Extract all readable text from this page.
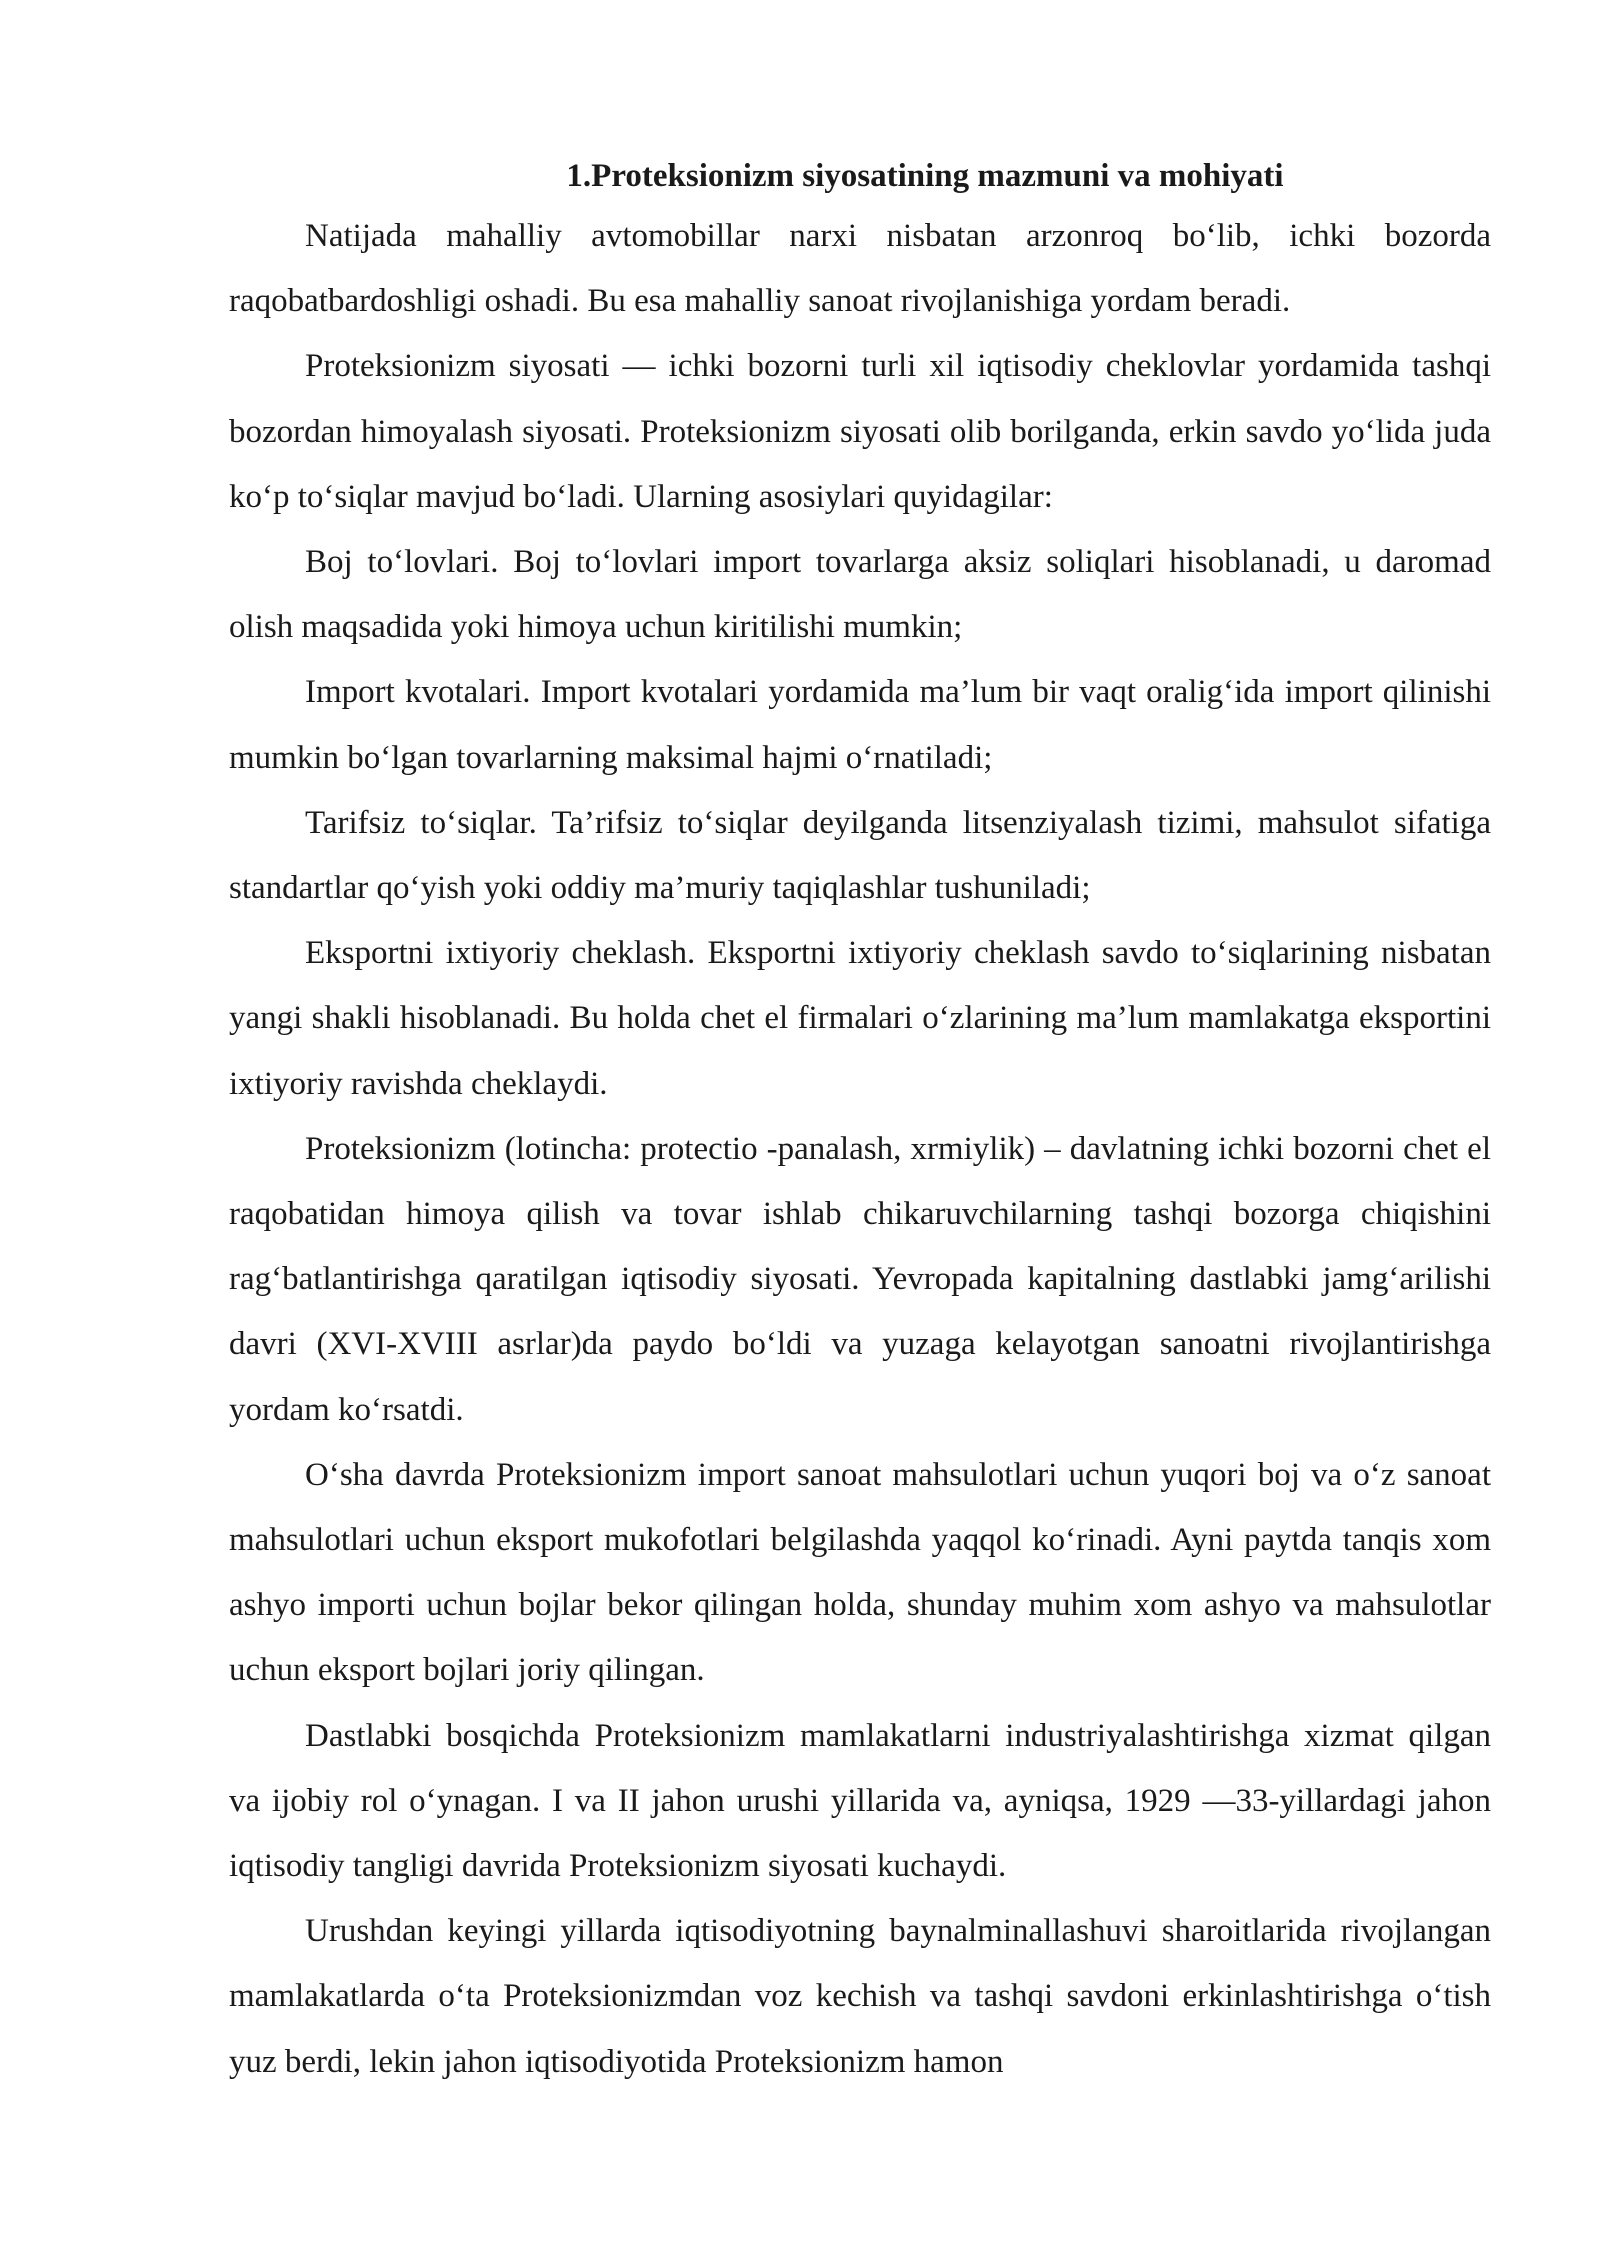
1.Proteksionizm siyosatining mazmuni va mohiyati

Natijada mahalliy avtomobillar narxi nisbatan arzonroq bo‘lib, ichki bozorda raqobatbardoshligi oshadi. Bu esa mahalliy sanoat rivojlanishiga yordam beradi.

Proteksionizm siyosati — ichki bozorni turli xil iqtisodiy cheklovlar yordamida tashqi bozordan himoyalash siyosati. Proteksionizm siyosati olib borilganda, erkin savdo yo‘lida juda ko‘p to‘siqlar mavjud bo‘ladi. Ularning asosiylari quyidagilar:

Boj to‘lovlari. Boj to‘lovlari import tovarlarga aksiz soliqlari hisoblanadi, u daromad olish maqsadida yoki himoya uchun kiritilishi mumkin;

Import kvotalari. Import kvotalari yordamida ma’lum bir vaqt oralig‘ida import qilinishi mumkin bo‘lgan tovarlarning maksimal hajmi o‘rnatiladi;

Tarifsiz to‘siqlar. Ta’rifsiz to‘siqlar deyilganda litsenziyalash tizimi, mahsulot sifatiga standartlar qo‘yish yoki oddiy ma’muriy taqiqlashlar tushuniladi;

Eksportni ixtiyoriy cheklash. Eksportni ixtiyoriy cheklash savdo to‘siqlarining nisbatan yangi shakli hisoblanadi. Bu holda chet el firmalari o‘zlarining ma’lum mamlakatga eksportini ixtiyoriy ravishda cheklaydi.

Proteksionizm (lotincha: protectio -panalash, xrmiylik) – davlatning ichki bozorni chet el raqobatidan himoya qilish va tovar ishlab chikaruvchilarning tashqi bozorga chiqishini rag‘batlantirishga qaratilgan iqtisodiy siyosati. Yevropada kapitalning dastlabki jamg‘arilishi davri (XVI-XVIII asrlar)da paydo bo‘ldi va yuzaga kelayotgan sanoatni rivojlantirishga yordam ko‘rsatdi.

O‘sha davrda Proteksionizm import sanoat mahsulotlari uchun yuqori boj va o‘z sanoat mahsulotlari uchun eksport mukofotlari belgilashda yaqqol ko‘rinadi. Ayni paytda tanqis xom ashyo importi uchun bojlar bekor qilingan holda, shunday muhim xom ashyo va mahsulotlar uchun eksport bojlari joriy qilingan.

Dastlabki bosqichda Proteksionizm mamlakatlarni industriyalashtirishga xizmat qilgan va ijobiy rol o‘ynagan. I va II jahon urushi yillarida va, ayniqsa, 1929 —33-yillardagi jahon iqtisodiy tangligi davrida Proteksionizm siyosati kuchaydi.

Urushdan keyingi yillarda iqtisodiyotning baynalminallashuvi sharoitlarida rivojlangan mamlakatlarda o‘ta Proteksionizmdan voz kechish va tashqi savdoni erkinlashtirishga o‘tish yuz berdi, lekin jahon iqtisodiyotida Proteksionizm hamon
